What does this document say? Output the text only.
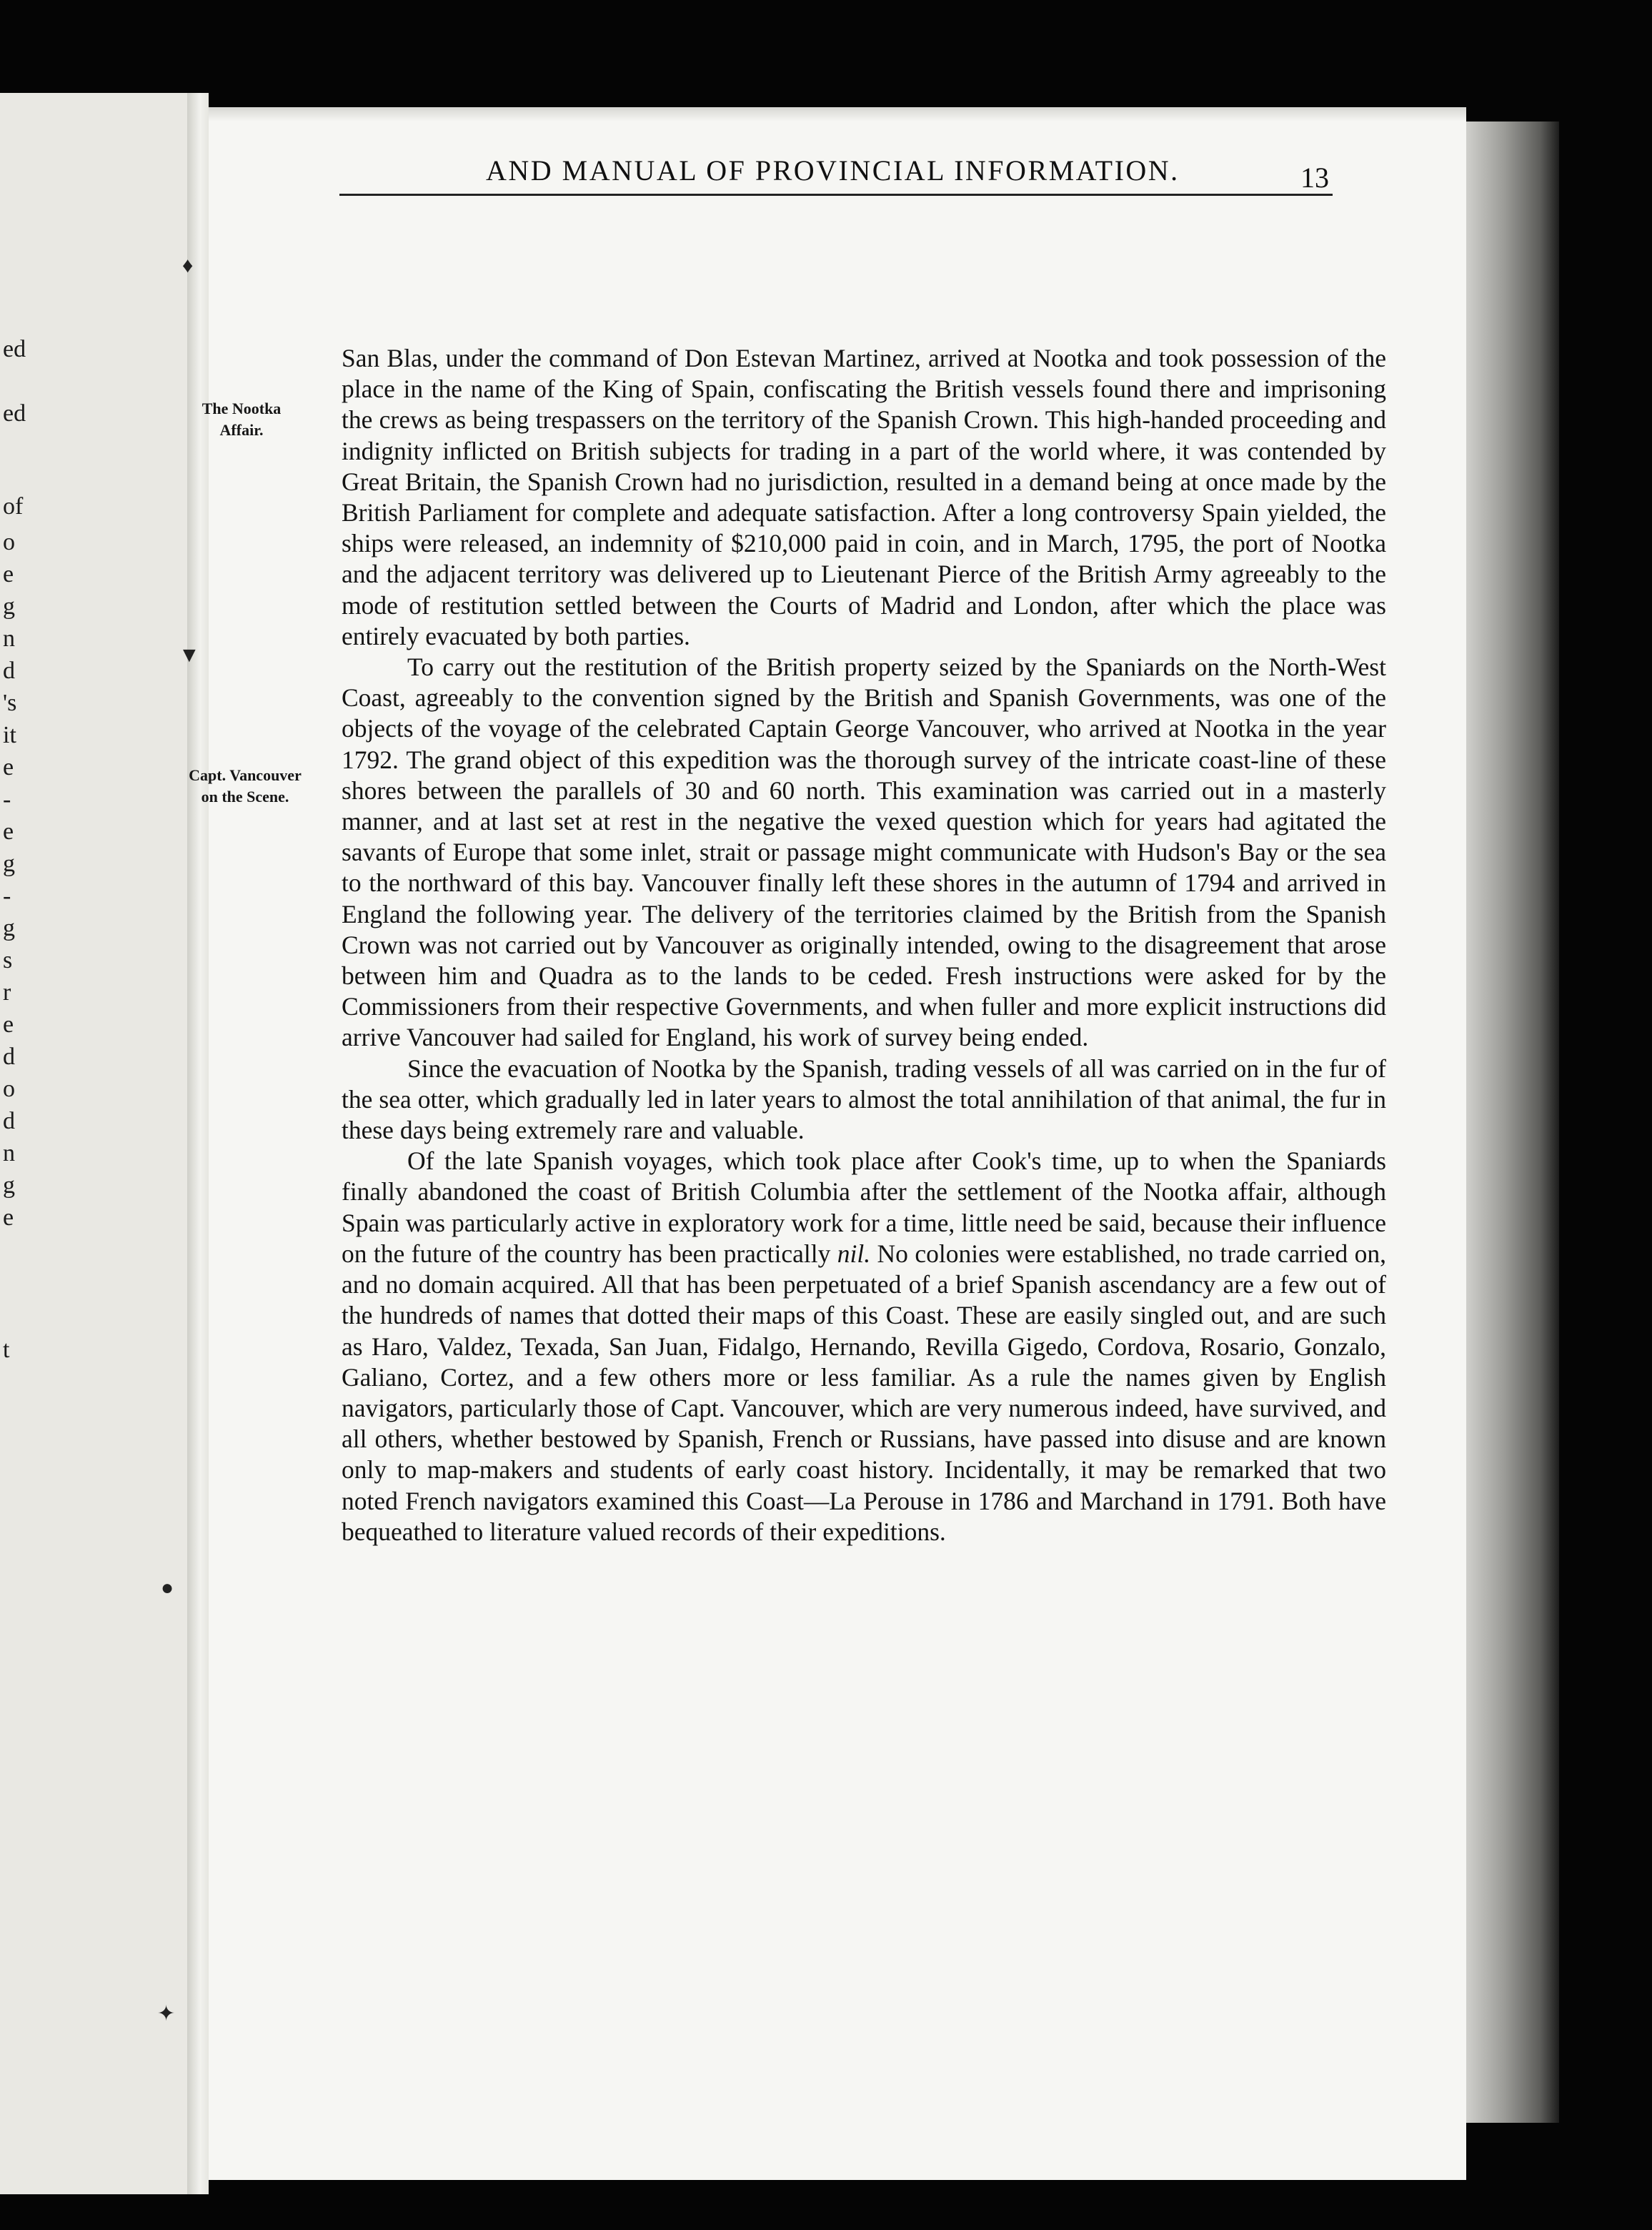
ed
ed
of
o
e
g
n
d
's
it
e
-
e
g
-
g
s
r
e
d
o
d
n
g
e
t
♦
▼
●
✦
AND MANUAL OF PROVINCIAL INFORMATION.	13

San Blas, under the command of Don Estevan Martinez, arrived at Nootka and took possession of the place in the name of the King of Spain, confiscating the
The Nootka
Affair.
British vessels found there and imprisoning the crews as being trespassers on the territory of the Spanish Crown. This high-handed proceeding and indignity inflicted on British subjects for trading in a part of the world where, it was contended by Great Britain, the Spanish Crown had no jurisdiction, resulted in a demand being at once made by the British Parliament for complete and adequate satisfaction. After a long controversy Spain yielded, the ships were released, an indemnity of $210,000 paid in coin, and in March, 1795, the port of Nootka and the adjacent territory was delivered up to Lieutenant Pierce of the British Army agreeably to the mode of restitution settled between the Courts of Madrid and London, after which the place was entirely evacuated by both parties.

To carry out the restitution of the British property seized by the Spaniards on the North-West Coast, agreeably to the convention signed by the British and Spanish Governments, was one of the objects of the voyage of the celebrated Captain George Vancouver, who arrived at Nootka in the year 1792. The grand object of this expedition was the thorough survey of the intricate coast-line of these
Capt. Vancouver
on the Scene.	shores between the parallels of 30 and 60 north. This examination was carried out in a masterly manner, and at last set at rest in the negative the vexed question which for years had agitated the savants of Europe that some inlet, strait or passage might communicate with Hudson's Bay or the sea to the northward of this bay. Vancouver finally left these shores in the autumn of 1794 and arrived in England the following year. The delivery of the territories claimed by the British from the Spanish Crown was not carried out by Vancouver as originally intended, owing to the disagreement that arose between him and Quadra as to the lands to be ceded. Fresh instructions were asked for by the Commissioners from their respective Governments, and when fuller and more explicit instructions did arrive Vancouver had sailed for England, his work of survey being ended.

Since the evacuation of Nootka by the Spanish, trading vessels of all was carried on in the fur of the sea otter, which gradually led in later years to almost the total annihilation of that animal, the fur in these days being extremely rare and valuable.

Of the late Spanish voyages, which took place after Cook's time, up to when the Spaniards finally abandoned the coast of British Columbia after the settlement of the Nootka affair, although Spain was particularly active in exploratory work for a time, little need be said, because their influence on the future of the country has been practically nil. No colonies were established, no trade carried on, and no domain acquired. All that has been perpetuated of a brief Spanish ascendancy are a few out of the hundreds of names that dotted their maps of this Coast. These are easily singled out, and are such as Haro, Valdez, Texada, San Juan, Fidalgo, Hernando, Revilla Gigedo, Cordova, Rosario, Gonzalo, Galiano, Cortez, and a few others more or less familiar. As a rule the names given by English navigators, particularly those of Capt. Vancouver, which are very numerous indeed, have survived, and all others, whether bestowed by Spanish, French or Russians, have passed into disuse and are known only to map-makers and students of early coast history. Incidentally, it may be remarked that two noted French navigators examined this Coast—La Perouse in 1786 and Marchand in 1791. Both have bequeathed to literature valued records of their expeditions.
